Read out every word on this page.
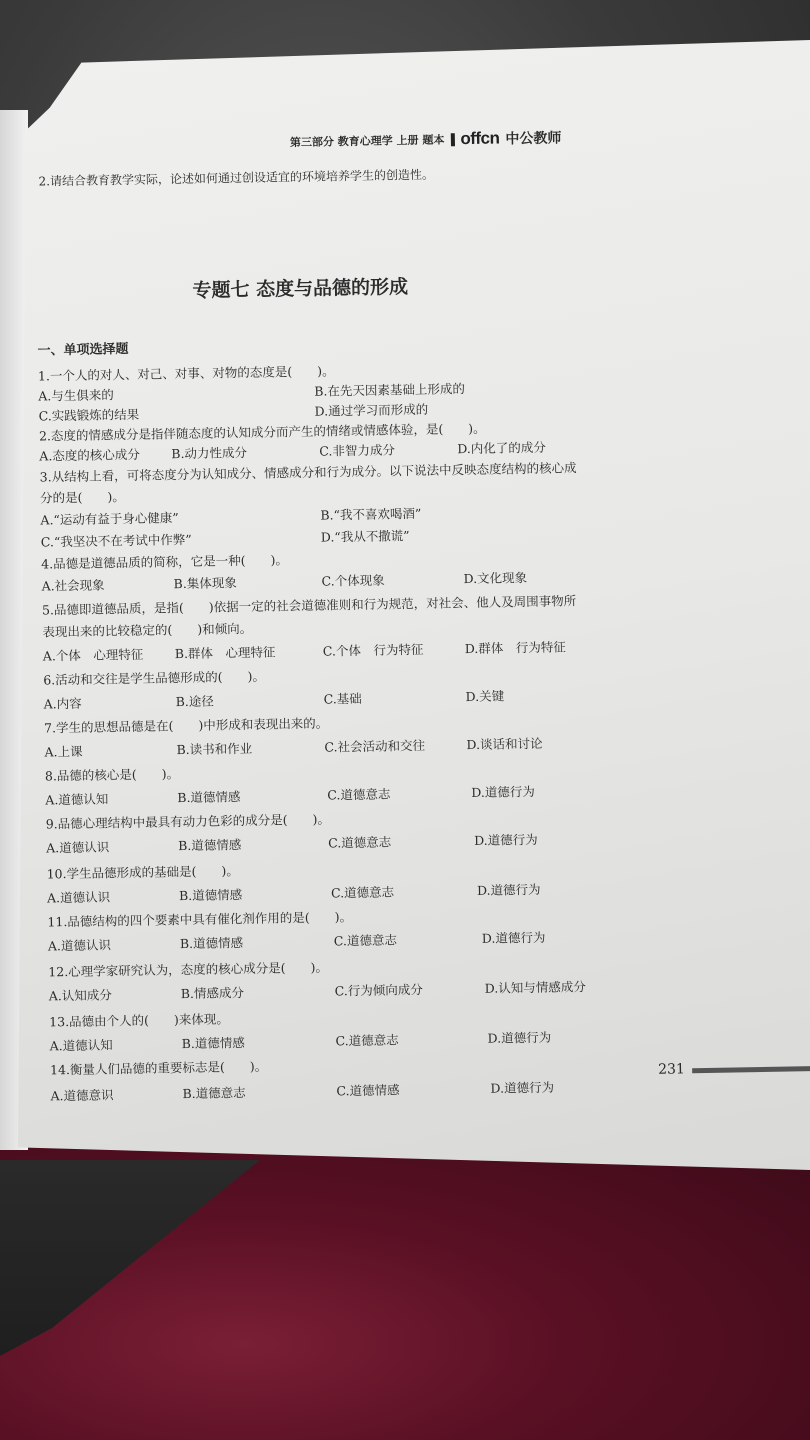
第三部分 教育心理学 上册 题本 offcn 中公教师
2.请结合教育教学实际，论述如何通过创设适宜的环境培养学生的创造性。
专题七 态度与品德的形成
一、单项选择题
1.一个人的对人、对己、对事、对物的态度是(　　)。
A.与生俱来的	B.在先天因素基础上形成的
C.实践锻炼的结果	D.通过学习而形成的
2.态度的情感成分是指伴随态度的认知成分而产生的情绪或情感体验，是(　　)。
A.态度的核心成分 B.动力性成分	C.非智力成分	D.内化了的成分
3.从结构上看，可将态度分为认知成分、情感成分和行为成分。以下说法中反映态度结构的核心成
分的是(　　)。
A.“运动有益于身心健康”	B.“我不喜欢喝酒”
C.“我坚决不在考试中作弊”	D.“我从不撒谎”
4.品德是道德品质的简称，它是一种(　　)。
A.社会现象	B.集体现象	C.个体现象	D.文化现象
5.品德即道德品质，是指(　　)依据一定的社会道德准则和行为规范，对社会、他人及周围事物所
表现出来的比较稳定的(　　)和倾向。
A.个体　心理特征 B.群体　心理特征	C.个体　行为特征	D.群体　行为特征
6.活动和交往是学生品德形成的(　　)。
A.内容	B.途径	C.基础	D.关键
7.学生的思想品德是在(　　)中形成和表现出来的。
A.上课	B.读书和作业	C.社会活动和交往	D.谈话和讨论
8.品德的核心是(　　)。
A.道德认知	B.道德情感	C.道德意志	D.道德行为
9.品德心理结构中最具有动力色彩的成分是(　　)。
A.道德认识	B.道德情感	C.道德意志	D.道德行为
10.学生品德形成的基础是(　　)。
A.道德认识	B.道德情感	C.道德意志	D.道德行为
11.品德结构的四个要素中具有催化剂作用的是(　　)。
A.道德认识	B.道德情感	C.道德意志	D.道德行为
12.心理学家研究认为，态度的核心成分是(　　)。
A.认知成分	B.情感成分	C.行为倾向成分	D.认知与情感成分
13.品德由个人的(　　)来体现。
A.道德认知	B.道德情感	C.道德意志	D.道德行为
14.衡量人们品德的重要标志是(　　)。
A.道德意识	B.道德意志	C.道德情感	D.道德行为
231
